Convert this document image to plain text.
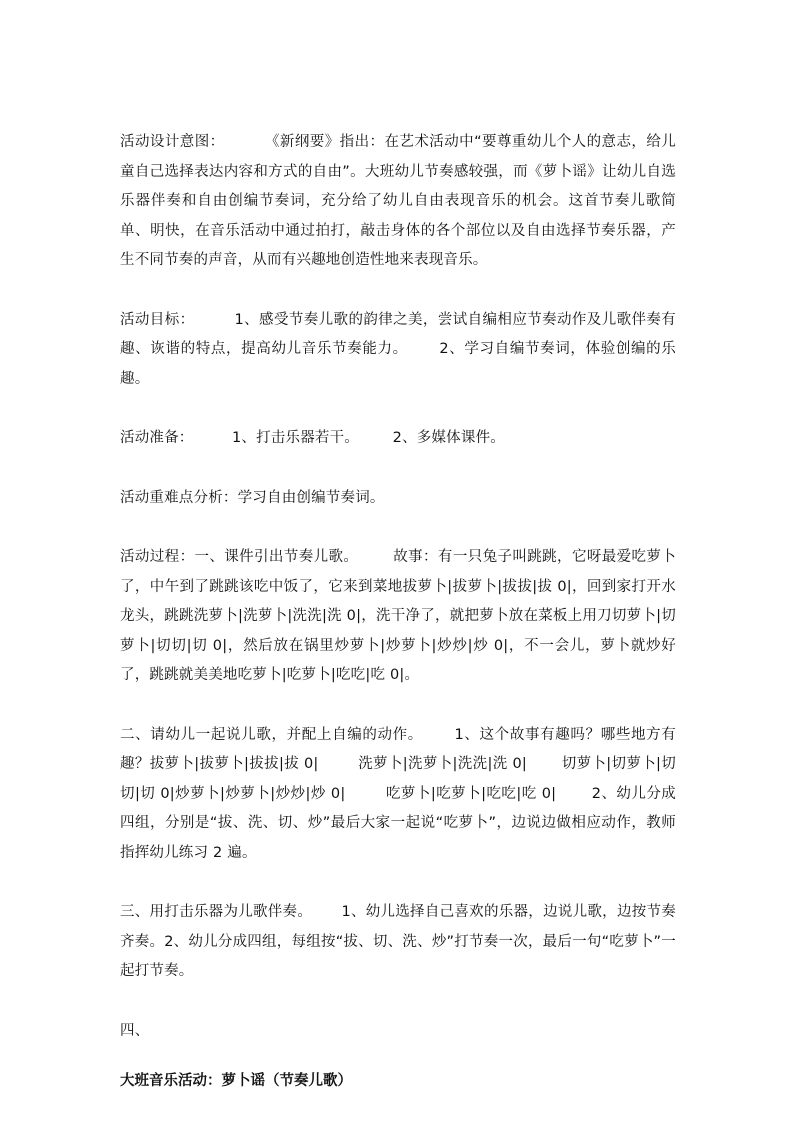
活动设计意图：        《新纲要》指出：在艺术活动中“要尊重幼儿个人的意志，给儿童自己选择表达内容和方式的自由”。大班幼儿节奏感较强，而《萝卜谣》让幼儿自选乐器伴奏和自由创编节奏词，充分给了幼儿自由表现音乐的机会。这首节奏儿歌简单、明快，在音乐活动中通过拍打，敲击身体的各个部位以及自由选择节奏乐器，产生不同节奏的声音，从而有兴趣地创造性地来表现音乐。

活动目标：        1、感受节奏儿歌的韵律之美，尝试自编相应节奏动作及儿歌伴奏有趣、诙谐的特点，提高幼儿音乐节奏能力。      2、学习自编节奏词，体验创编的乐趣。

活动准备：        1、打击乐器若干。       2、多媒体课件。

活动重难点分析：学习自由创编节奏词。

活动过程：一、课件引出节奏儿歌。       故事：有一只兔子叫跳跳，它呀最爱吃萝卜了，中午到了跳跳该吃中饭了，它来到菜地拔萝卜|拔萝卜|拔拔|拔 0|，回到家打开水龙头，跳跳洗萝卜|洗萝卜|洗洗|洗 0|，洗干净了，就把萝卜放在菜板上用刀切萝卜|切萝卜|切切|切 0|，然后放在锅里炒萝卜|炒萝卜|炒炒|炒 0|，不一会儿，萝卜就炒好了，跳跳就美美地吃萝卜|吃萝卜|吃吃|吃 0|。

二、请幼儿一起说儿歌，并配上自编的动作。      1、这个故事有趣吗？哪些地方有趣？拔萝卜|拔萝卜|拔拔|拔 0|        洗萝卜|洗萝卜|洗洗|洗 0|       切萝卜|切萝卜|切切|切 0|炒萝卜|炒萝卜|炒炒|炒 0|        吃萝卜|吃萝卜|吃吃|吃 0|       2、幼儿分成四组，分别是“拔、洗、切、炒”最后大家一起说“吃萝卜”，边说边做相应动作，教师指挥幼儿练习 2 遍。

三、用打击乐器为儿歌伴奏。      1、幼儿选择自己喜欢的乐器，边说儿歌，边按节奏齐奏。2、幼儿分成四组，每组按“拔、切、洗、炒”打节奏一次，最后一句“吃萝卜”一起打节奏。

四、

大班音乐活动：萝卜谣（节奏儿歌）
